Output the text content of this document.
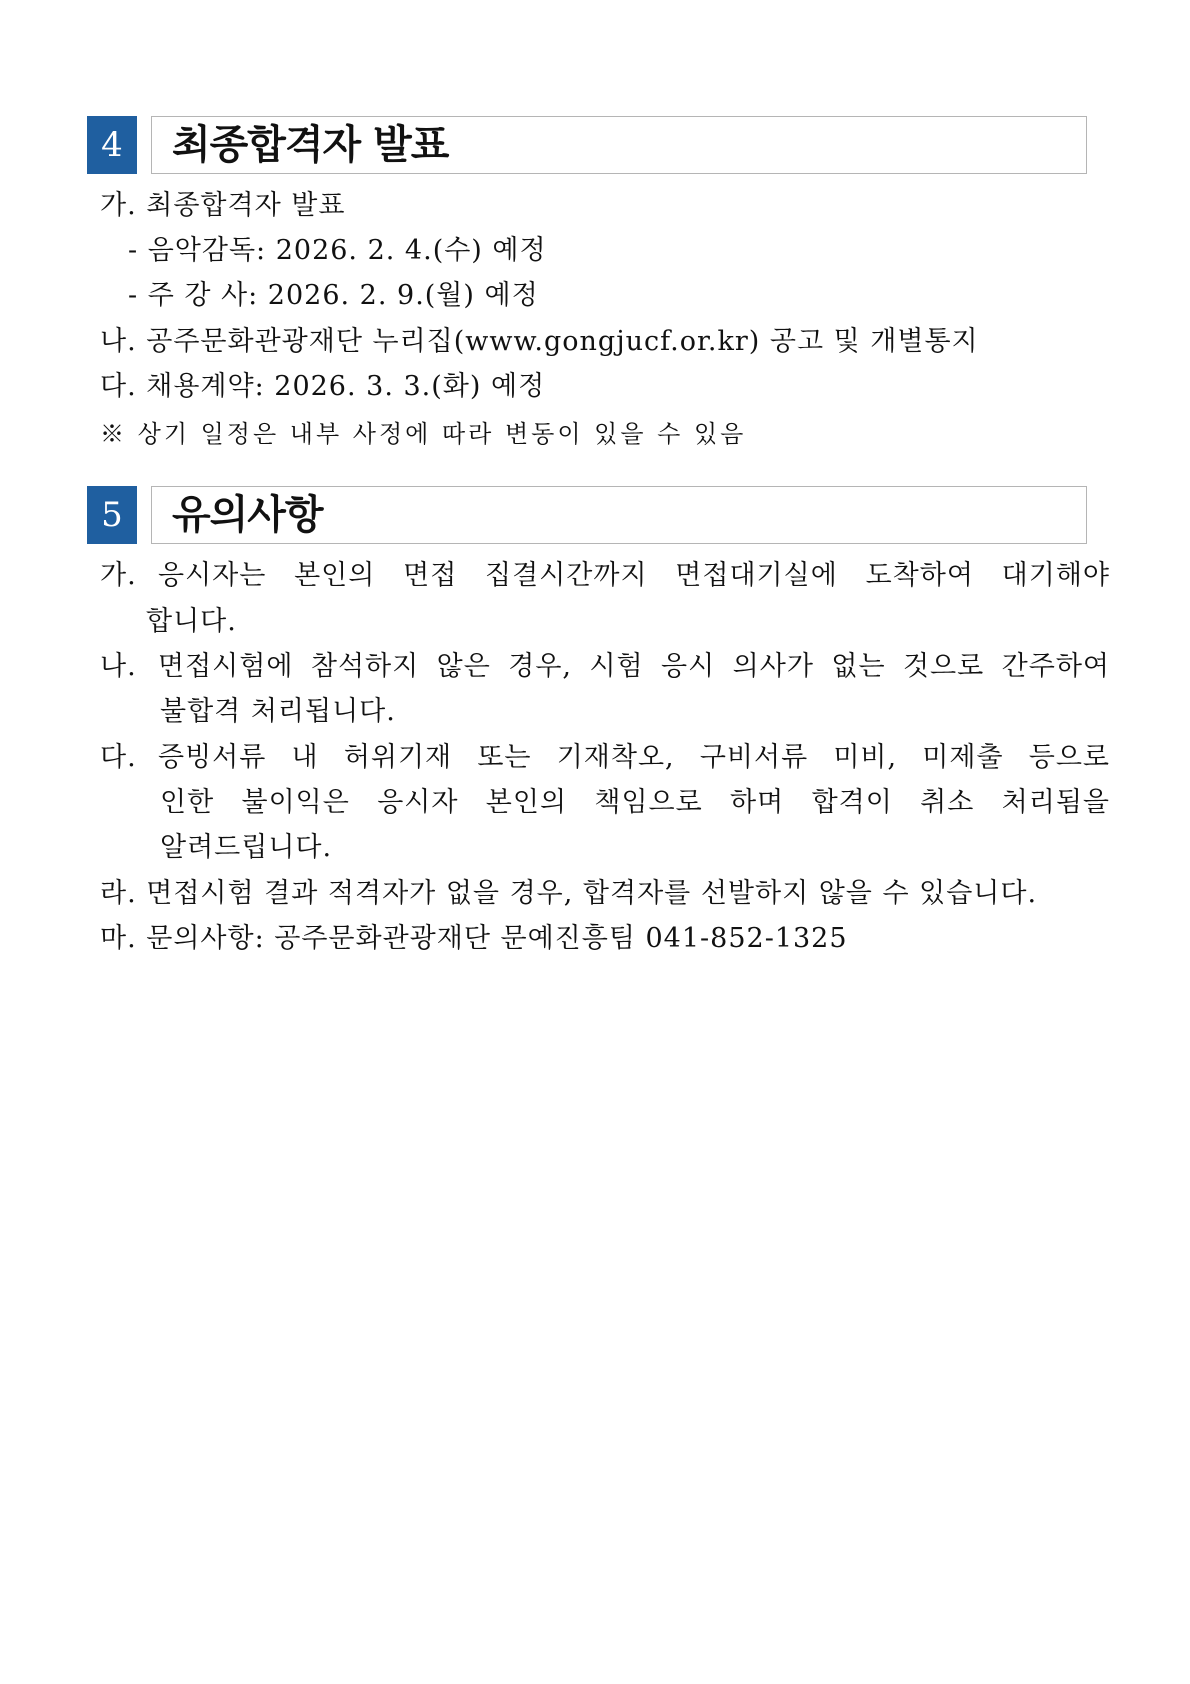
4	최종합격자 발표
가. 최종합격자 발표
- 음악감독: 2026. 2. 4.(수) 예정
- 주 강 사: 2026. 2. 9.(월) 예정
나. 공주문화관광재단 누리집(www.gongjucf.or.kr) 공고 및 개별통지
다. 채용계약: 2026. 3. 3.(화) 예정
※ 상기 일정은 내부 사정에 따라 변동이 있을 수 있음
5	유의사항
가. 응시자는 본인의 면접 집결시간까지 면접대기실에 도착하여 대기해야
합니다.
나. 면접시험에 참석하지 않은 경우, 시험 응시 의사가 없는 것으로 간주하여
불합격 처리됩니다.
다. 증빙서류 내 허위기재 또는 기재착오, 구비서류 미비, 미제출 등으로
인한 불이익은 응시자 본인의 책임으로 하며 합격이 취소 처리됨을
알려드립니다.
라. 면접시험 결과 적격자가 없을 경우, 합격자를 선발하지 않을 수 있습니다.
마. 문의사항: 공주문화관광재단 문예진흥팀 041-852-1325
